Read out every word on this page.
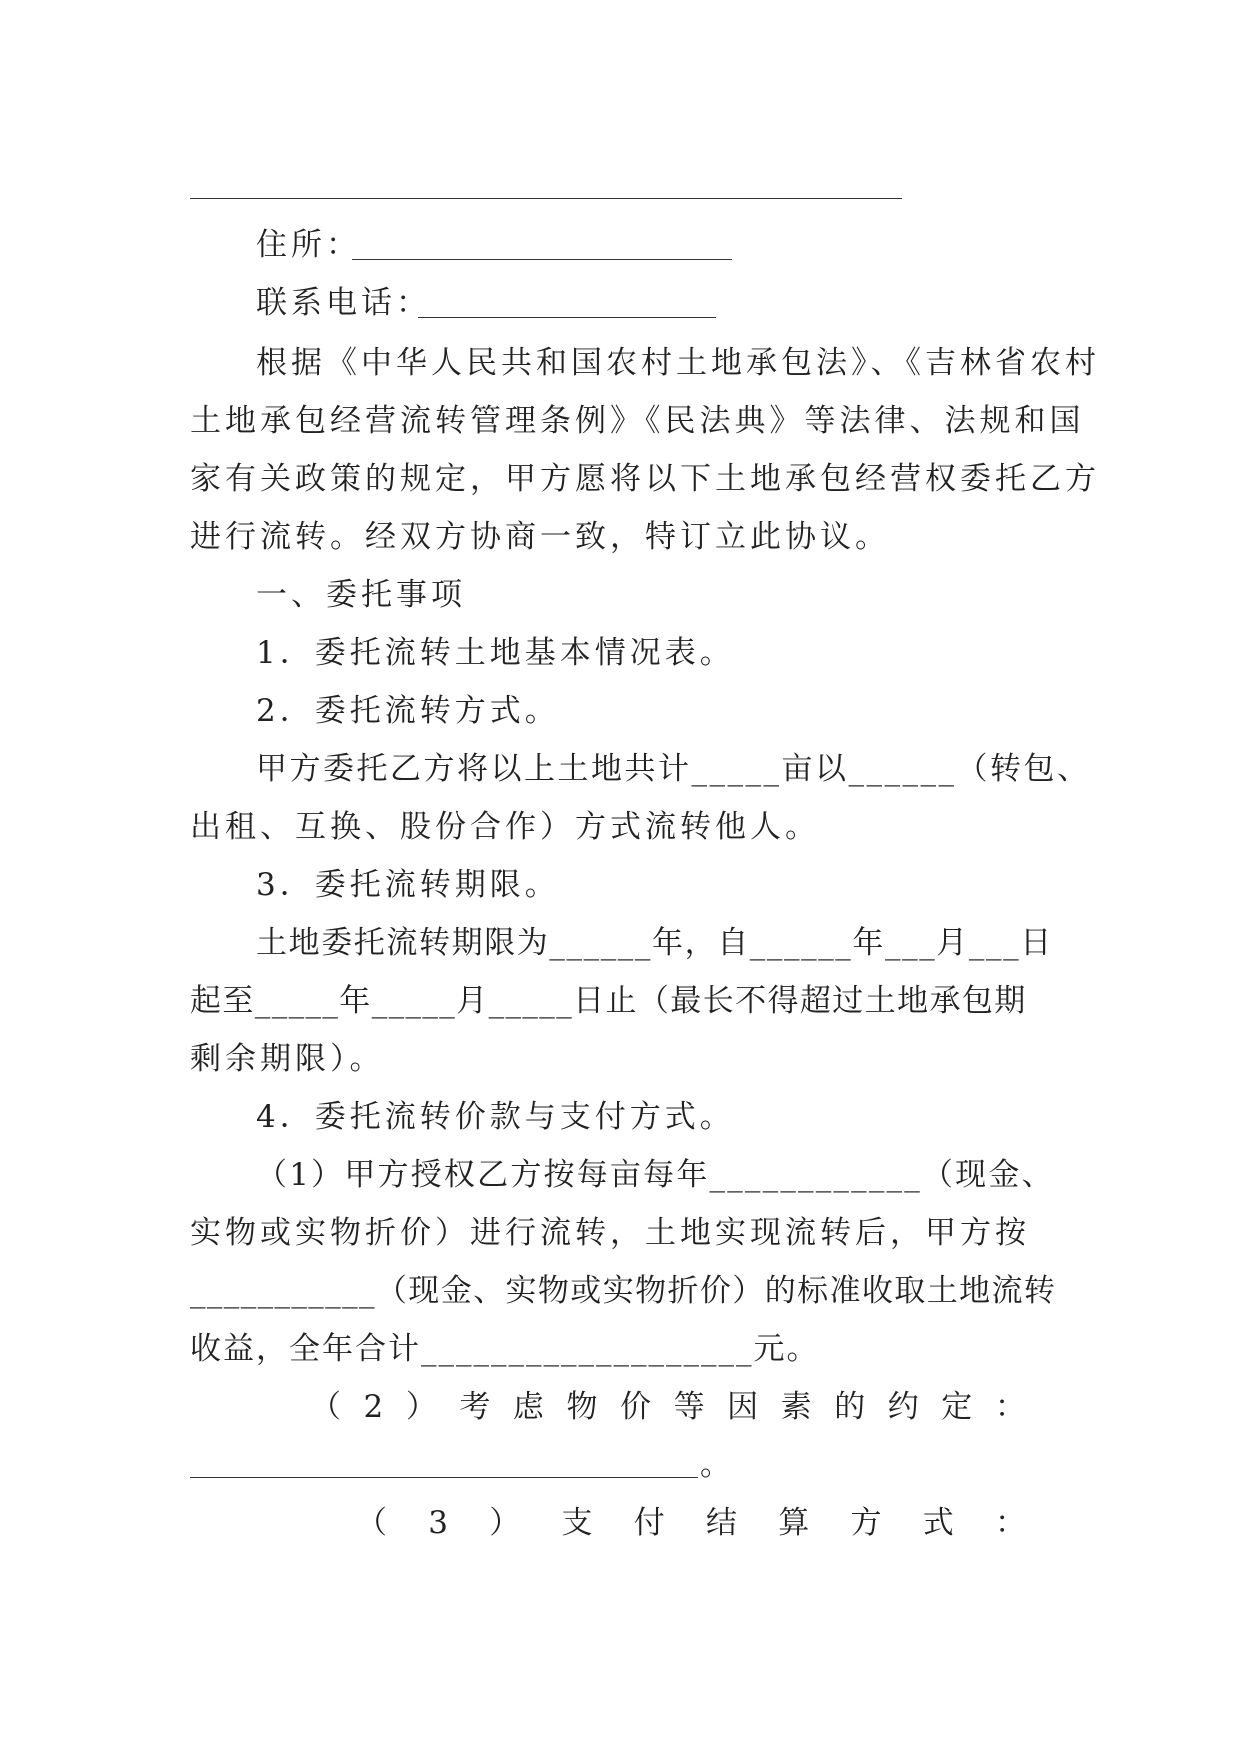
住所：
联系电话：
根据《中华人民共和国农村土地承包法》、《吉林省农村
土地承包经营流转管理条例》《民法典》等法律、法规和国
家有关政策的规定，甲方愿将以下土地承包经营权委托乙方
进行流转。经双方协商一致，特订立此协议。
一、委托事项
1．委托流转土地基本情况表。
2．委托流转方式。
甲方委托乙方将以上土地共计_____亩以______（转包、
出租、互换、股份合作）方式流转他人。
3．委托流转期限。
土地委托流转期限为______年，自______年___月___日
起至_____年_____月_____日止（最长不得超过土地承包期
剩余期限）。
4．委托流转价款与支付方式。
（1）甲方授权乙方按每亩每年____________（现金、
实物或实物折价）进行流转，土地实现流转后，甲方按
___________（现金、实物或实物折价）的标准收取土地流转
收益，全年合计___________________元。
（ 2 ） 考 虑 物 价 等 因 素 的 约 定 ：
。
（ 3 ） 支 付 结 算 方 式 ：
